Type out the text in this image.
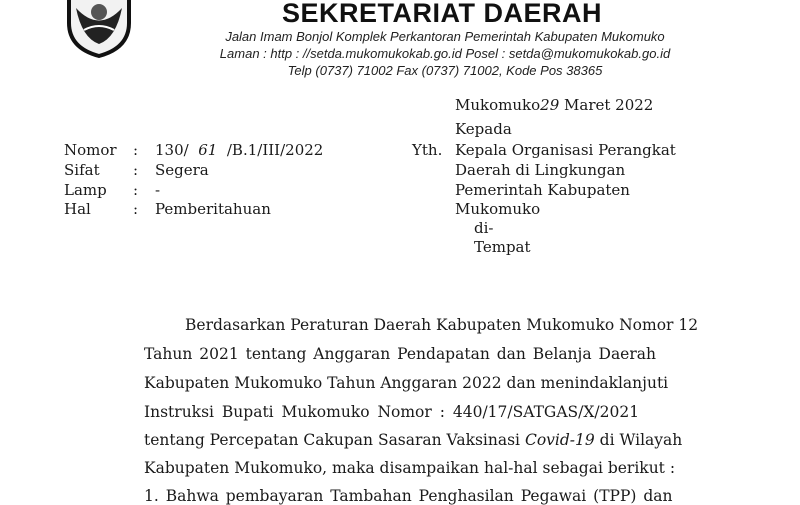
SEKRETARIAT DAERAH
Jalan Imam Bonjol Komplek Perkantoran Pemerintah Kabupaten Mukomuko
Laman : http : //setda.mukomukokab.go.id Posel : setda@mukomukokab.go.id
Telp (0737) 71002 Fax (0737) 71002, Kode Pos 38365
Mukomuko29 Maret 2022
Kepada
Yth. Kepala Organisasi Perangkat
Daerah di Lingkungan
Pemerintah Kabupaten
Mukomuko
di-
Tempat
Nomor : 130/ 61 /B.1/III/2022
Sifat : Segera
Lamp : -
Hal	: Pemberitahuan
Berdasarkan Peraturan Daerah Kabupaten Mukomuko Nomor 12
Tahun 2021 tentang Anggaran Pendapatan dan Belanja Daerah
Kabupaten Mukomuko Tahun Anggaran 2022 dan menindaklanjuti
Instruksi Bupati Mukomuko Nomor : 440/17/SATGAS/X/2021
tentang Percepatan Cakupan Sasaran Vaksinasi Covid-19 di Wilayah
Kabupaten Mukomuko, maka disampaikan hal-hal sebagai berikut :
1. Bahwa pembayaran Tambahan Penghasilan Pegawai (TPP) dan
